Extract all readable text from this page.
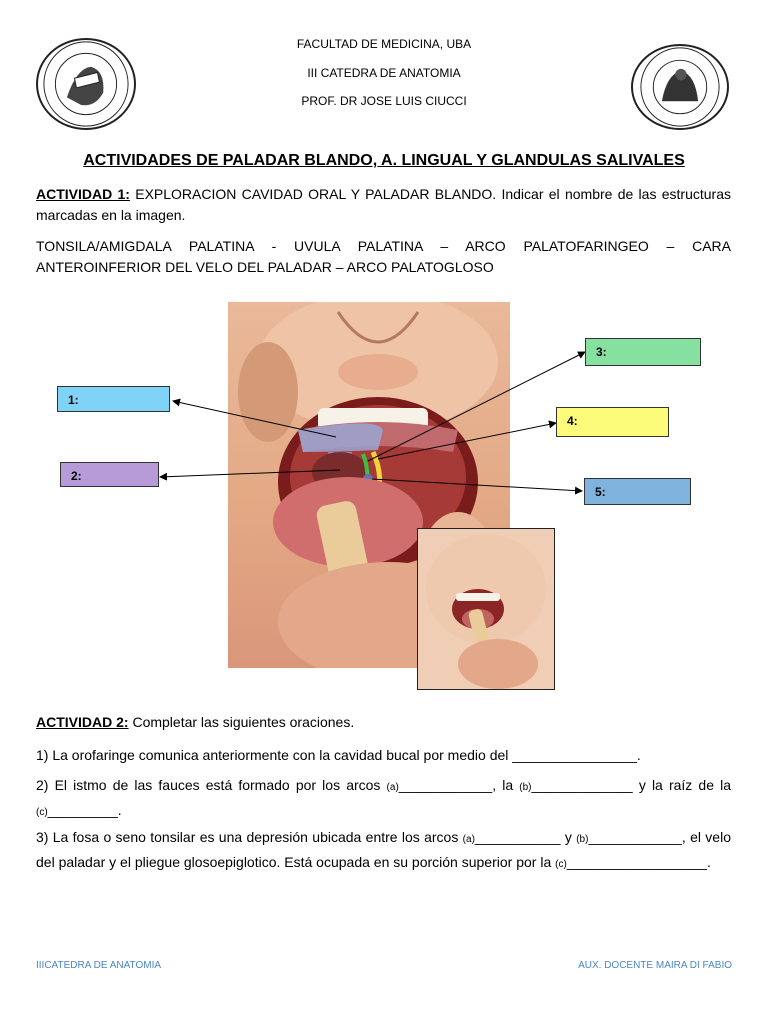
FACULTAD DE MEDICINA, UBA
III CATEDRA DE ANATOMIA
PROF. DR JOSE LUIS CIUCCI
ACTIVIDADES DE PALADAR BLANDO, A. LINGUAL Y GLANDULAS SALIVALES
ACTIVIDAD 1: EXPLORACION CAVIDAD ORAL Y PALADAR BLANDO. Indicar el nombre de las estructuras marcadas en la imagen.
TONSILA/AMIGDALA PALATINA - UVULA PALATINA – ARCO PALATOFARINGEO – CARA ANTEROINFERIOR DEL VELO DEL PALADAR – ARCO PALATOGLOSO
1:
2:
3:
4:
5:
ACTIVIDAD 2: Completar las siguientes oraciones.
1) La orofaringe comunica anteriormente con la cavidad bucal por medio del ________________.
2) El istmo de las fauces está formado por los arcos (a)____________, la (b)_____________ y la raíz de la (c)_________.
3) La fosa o seno tonsilar es una depresión ubicada entre los arcos (a)___________ y (b)____________, el velo del paladar y el pliegue glosoepiglotico. Está ocupada en su porción superior por la (c)__________________.
IIICATEDRA DE ANATOMIA	AUX. DOCENTE MAIRA DI FABIO
